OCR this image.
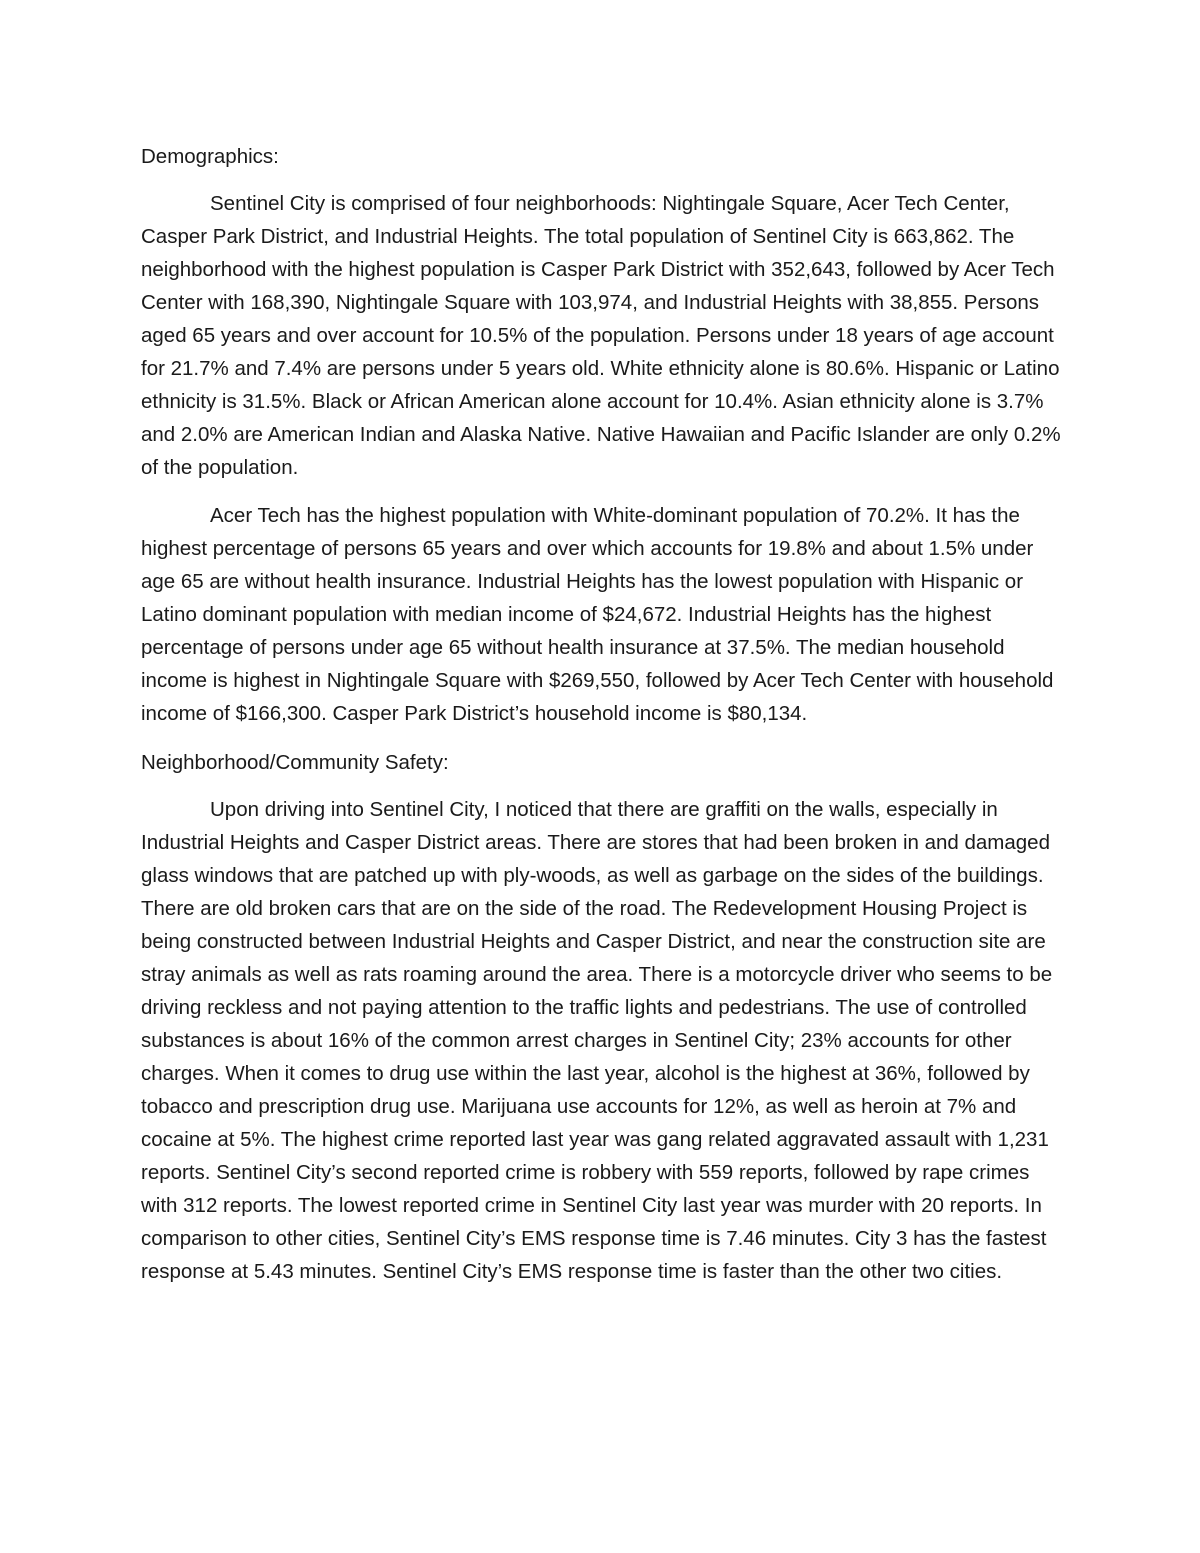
Demographics:

Sentinel City is comprised of four neighborhoods: Nightingale Square, Acer Tech Center, Casper Park District, and Industrial Heights. The total population of Sentinel City is 663,862. The neighborhood with the highest population is Casper Park District with 352,643, followed by Acer Tech Center with 168,390, Nightingale Square with 103,974, and Industrial Heights with 38,855. Persons aged 65 years and over account for 10.5% of the population. Persons under 18 years of age account for 21.7% and 7.4% are persons under 5 years old. White ethnicity alone is 80.6%. Hispanic or Latino ethnicity is 31.5%. Black or African American alone account for 10.4%. Asian ethnicity alone is 3.7% and 2.0% are American Indian and Alaska Native. Native Hawaiian and Pacific Islander are only 0.2% of the population.

Acer Tech has the highest population with White-dominant population of 70.2%. It has the highest percentage of persons 65 years and over which accounts for 19.8% and about 1.5% under age 65 are without health insurance. Industrial Heights has the lowest population with Hispanic or Latino dominant population with median income of $24,672. Industrial Heights has the highest percentage of persons under age 65 without health insurance at 37.5%. The median household income is highest in Nightingale Square with $269,550, followed by Acer Tech Center with household income of $166,300. Casper Park District’s household income is $80,134.

Neighborhood/Community Safety:

Upon driving into Sentinel City, I noticed that there are graffiti on the walls, especially in Industrial Heights and Casper District areas. There are stores that had been broken in and damaged glass windows that are patched up with ply-woods, as well as garbage on the sides of the buildings. There are old broken cars that are on the side of the road. The Redevelopment Housing Project is being constructed between Industrial Heights and Casper District, and near the construction site are stray animals as well as rats roaming around the area. There is a motorcycle driver who seems to be driving reckless and not paying attention to the traffic lights and pedestrians. The use of controlled substances is about 16% of the common arrest charges in Sentinel City; 23% accounts for other charges. When it comes to drug use within the last year, alcohol is the highest at 36%, followed by tobacco and prescription drug use. Marijuana use accounts for 12%, as well as heroin at 7% and cocaine at 5%. The highest crime reported last year was gang related aggravated assault with 1,231 reports. Sentinel City’s second reported crime is robbery with 559 reports, followed by rape crimes with 312 reports. The lowest reported crime in Sentinel City last year was murder with 20 reports. In comparison to other cities, Sentinel City’s EMS response time is 7.46 minutes. City 3 has the fastest response at 5.43 minutes. Sentinel City’s EMS response time is faster than the other two cities.
